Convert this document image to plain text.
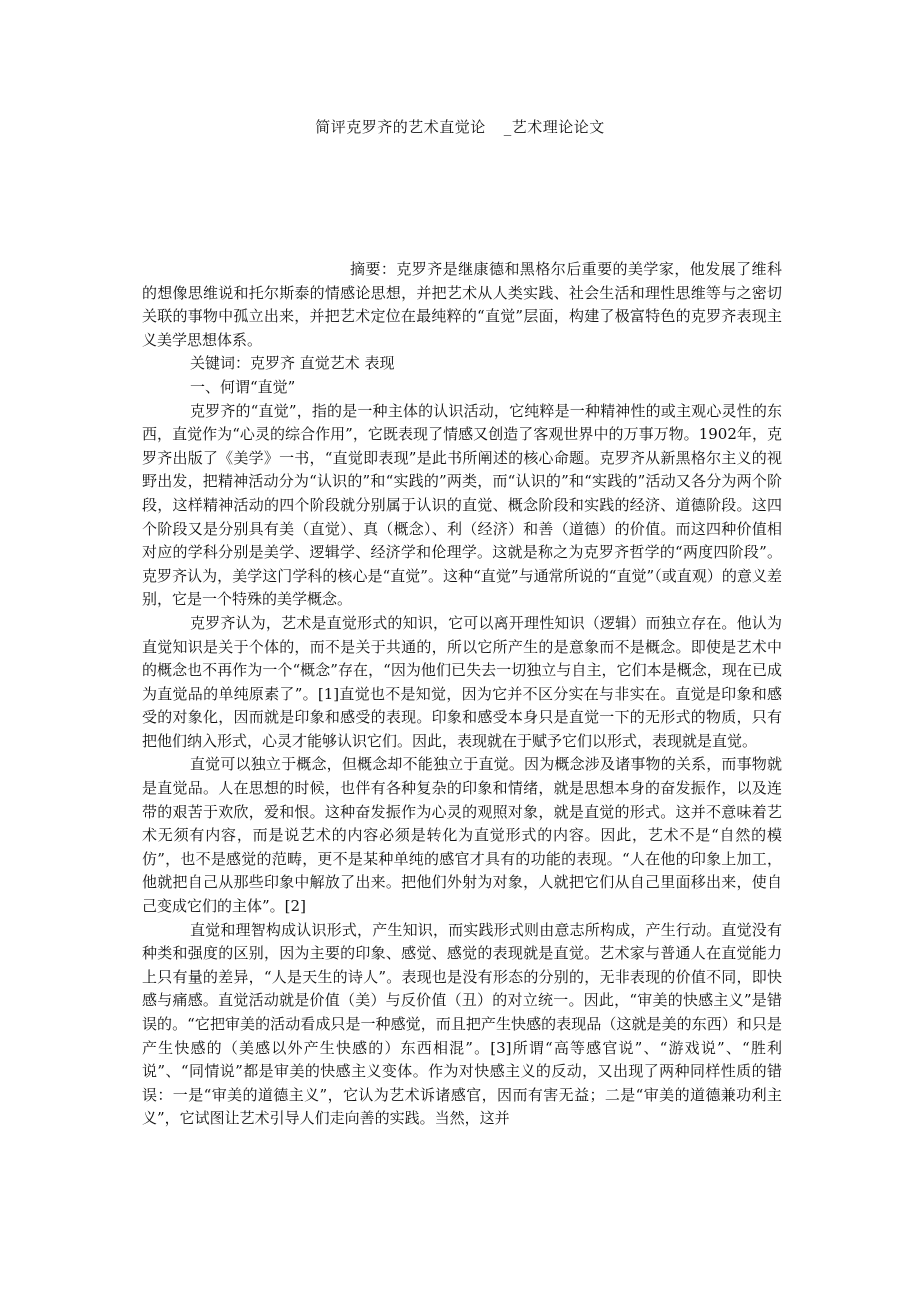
简评克罗齐的艺术直觉论 _艺术理论论文

摘要：克罗齐是继康德和黑格尔后重要的美学家，他发展了维科的想像思维说和托尔斯泰的情感论思想，并把艺术从人类实践、社会生活和理性思维等与之密切关联的事物中孤立出来，并把艺术定位在最纯粹的“直觉”层面，构建了极富特色的克罗齐表现主义美学思想体系。

关键词：克罗齐 直觉艺术 表现

一、何谓“直觉”

克罗齐的“直觉”，指的是一种主体的认识活动，它纯粹是一种精神性的或主观心灵性的东西，直觉作为“心灵的综合作用”，它既表现了情感又创造了客观世界中的万事万物。1902年，克罗齐出版了《美学》一书，“直觉即表现”是此书所阐述的核心命题。克罗齐从新黑格尔主义的视野出发，把精神活动分为“认识的”和“实践的”两类，而“认识的”和“实践的”活动又各分为两个阶段，这样精神活动的四个阶段就分别属于认识的直觉、概念阶段和实践的经济、道德阶段。这四个阶段又是分别具有美（直觉）、真（概念）、利（经济）和善（道德）的价值。而这四种价值相对应的学科分别是美学、逻辑学、经济学和伦理学。这就是称之为克罗齐哲学的“两度四阶段”。克罗齐认为，美学这门学科的核心是“直觉”。这种“直觉”与通常所说的“直觉”（或直观）的意义差别，它是一个特殊的美学概念。

克罗齐认为，艺术是直觉形式的知识，它可以离开理性知识（逻辑）而独立存在。他认为直觉知识是关于个体的，而不是关于共通的，所以它所产生的是意象而不是概念。即使是艺术中的概念也不再作为一个“概念”存在，“因为他们已失去一切独立与自主，它们本是概念，现在已成为直觉品的单纯原素了”。[1]直觉也不是知觉，因为它并不区分实在与非实在。直觉是印象和感受的对象化，因而就是印象和感受的表现。印象和感受本身只是直觉一下的无形式的物质，只有把他们纳入形式，心灵才能够认识它们。因此，表现就在于赋予它们以形式，表现就是直觉。

直觉可以独立于概念，但概念却不能独立于直觉。因为概念涉及诸事物的关系，而事物就是直觉品。人在思想的时候，也伴有各种复杂的印象和情绪，就是思想本身的奋发振作，以及连带的艰苦于欢欣，爱和恨。这种奋发振作为心灵的观照对象，就是直觉的形式。这并不意味着艺术无须有内容，而是说艺术的内容必须是转化为直觉形式的内容。因此，艺术不是“自然的模仿”，也不是感觉的范畴，更不是某种单纯的感官才具有的功能的表现。“人在他的印象上加工，他就把自己从那些印象中解放了出来。把他们外射为对象，人就把它们从自己里面移出来，使自己变成它们的主体”。[2]

直觉和理智构成认识形式，产生知识，而实践形式则由意志所构成，产生行动。直觉没有种类和强度的区别，因为主要的印象、感觉、感觉的表现就是直觉。艺术家与普通人在直觉能力上只有量的差异，“人是天生的诗人”。表现也是没有形态的分别的，无非表现的价值不同，即快感与痛感。直觉活动就是价值（美）与反价值（丑）的对立统一。因此，“审美的快感主义”是错误的。“它把审美的活动看成只是一种感觉，而且把产生快感的表现品（这就是美的东西）和只是产生快感的（美感以外产生快感的）东西相混”。[3]所谓“高等感官说”、“游戏说”、“胜利说”、“同情说”都是审美的快感主义变体。作为对快感主义的反动，又出现了两种同样性质的错误：一是“审美的道德主义”，它认为艺术诉诸感官，因而有害无益；二是“审美的道德兼功利主义”，它试图让艺术引导人们走向善的实践。当然，这并
